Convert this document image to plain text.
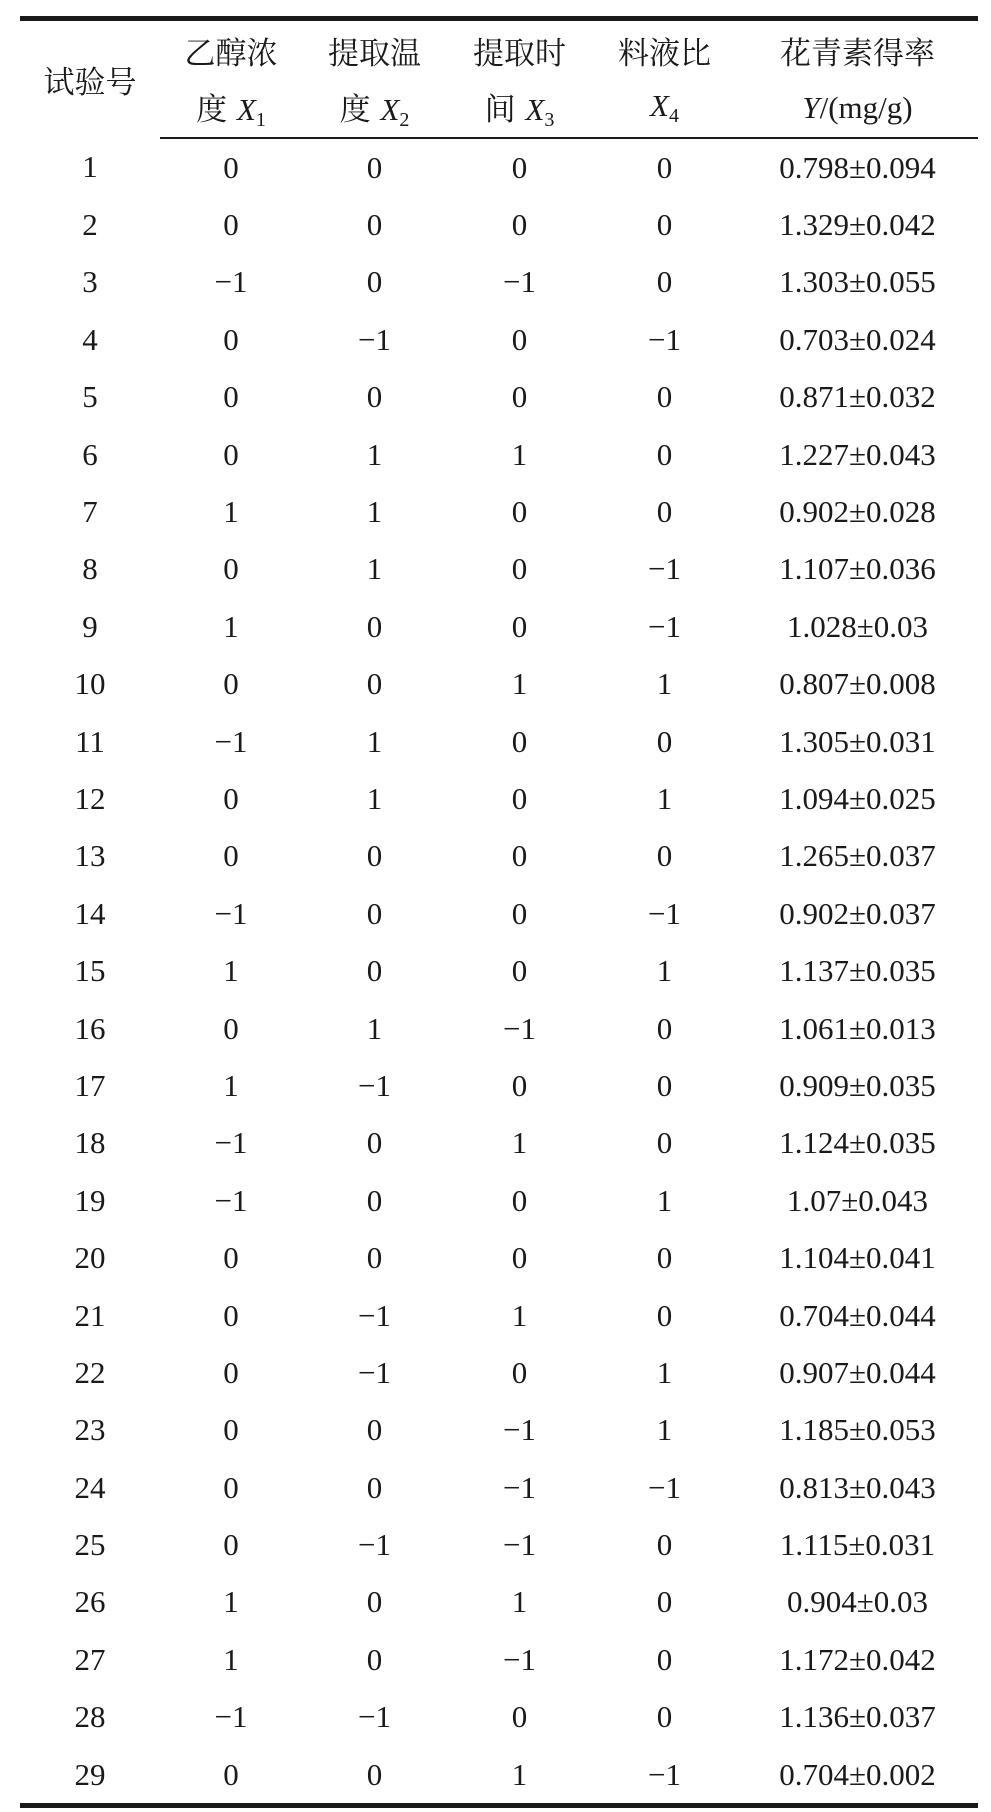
试验号	乙醇浓	提取温	提取时	料液比	花青素得率
	度 $X_1$	度 $X_2$	间 $X_3$	$X_4$	Y/(mg/g)
1	0	0	0	0	0.798±0.094
2	0	0	0	0	1.329±0.042
3	−1	0	−1	0	1.303±0.055
4	0	−1	0	−1	0.703±0.024
5	0	0	0	0	0.871±0.032
6	0	1	1	0	1.227±0.043
7	1	1	0	0	0.902±0.028
8	0	1	0	−1	1.107±0.036
9	1	0	0	−1	1.028±0.03
10	0	0	1	1	0.807±0.008
11	−1	1	0	0	1.305±0.031
12	0	1	0	1	1.094±0.025
13	0	0	0	0	1.265±0.037
14	−1	0	0	−1	0.902±0.037
15	1	0	0	1	1.137±0.035
16	0	1	−1	0	1.061±0.013
17	1	−1	0	0	0.909±0.035
18	−1	0	1	0	1.124±0.035
19	−1	0	0	1	1.07±0.043
20	0	0	0	0	1.104±0.041
21	0	−1	1	0	0.704±0.044
22	0	−1	0	1	0.907±0.044
23	0	0	−1	1	1.185±0.053
24	0	0	−1	−1	0.813±0.043
25	0	−1	−1	0	1.115±0.031
26	1	0	1	0	0.904±0.03
27	1	0	−1	0	1.172±0.042
28	−1	−1	0	0	1.136±0.037
29	0	0	1	−1	0.704±0.002
